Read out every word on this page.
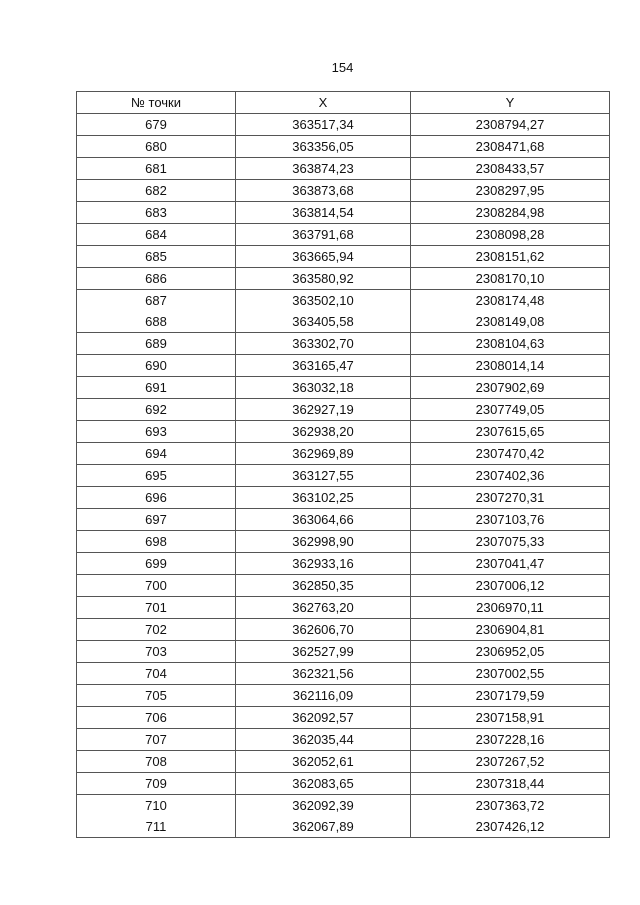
154
№ точки	X	Y
679	363517,34	2308794,27
680	363356,05	2308471,68
681	363874,23	2308433,57
682	363873,68	2308297,95
683	363814,54	2308284,98
684	363791,68	2308098,28
685	363665,94	2308151,62
686	363580,92	2308170,10
687	363502,10	2308174,48
688	363405,58	2308149,08
689	363302,70	2308104,63
690	363165,47	2308014,14
691	363032,18	2307902,69
692	362927,19	2307749,05
693	362938,20	2307615,65
694	362969,89	2307470,42
695	363127,55	2307402,36
696	363102,25	2307270,31
697	363064,66	2307103,76
698	362998,90	2307075,33
699	362933,16	2307041,47
700	362850,35	2307006,12
701	362763,20	2306970,11
702	362606,70	2306904,81
703	362527,99	2306952,05
704	362321,56	2307002,55
705	362116,09	2307179,59
706	362092,57	2307158,91
707	362035,44	2307228,16
708	362052,61	2307267,52
709	362083,65	2307318,44
710	362092,39	2307363,72
711	362067,89	2307426,12
